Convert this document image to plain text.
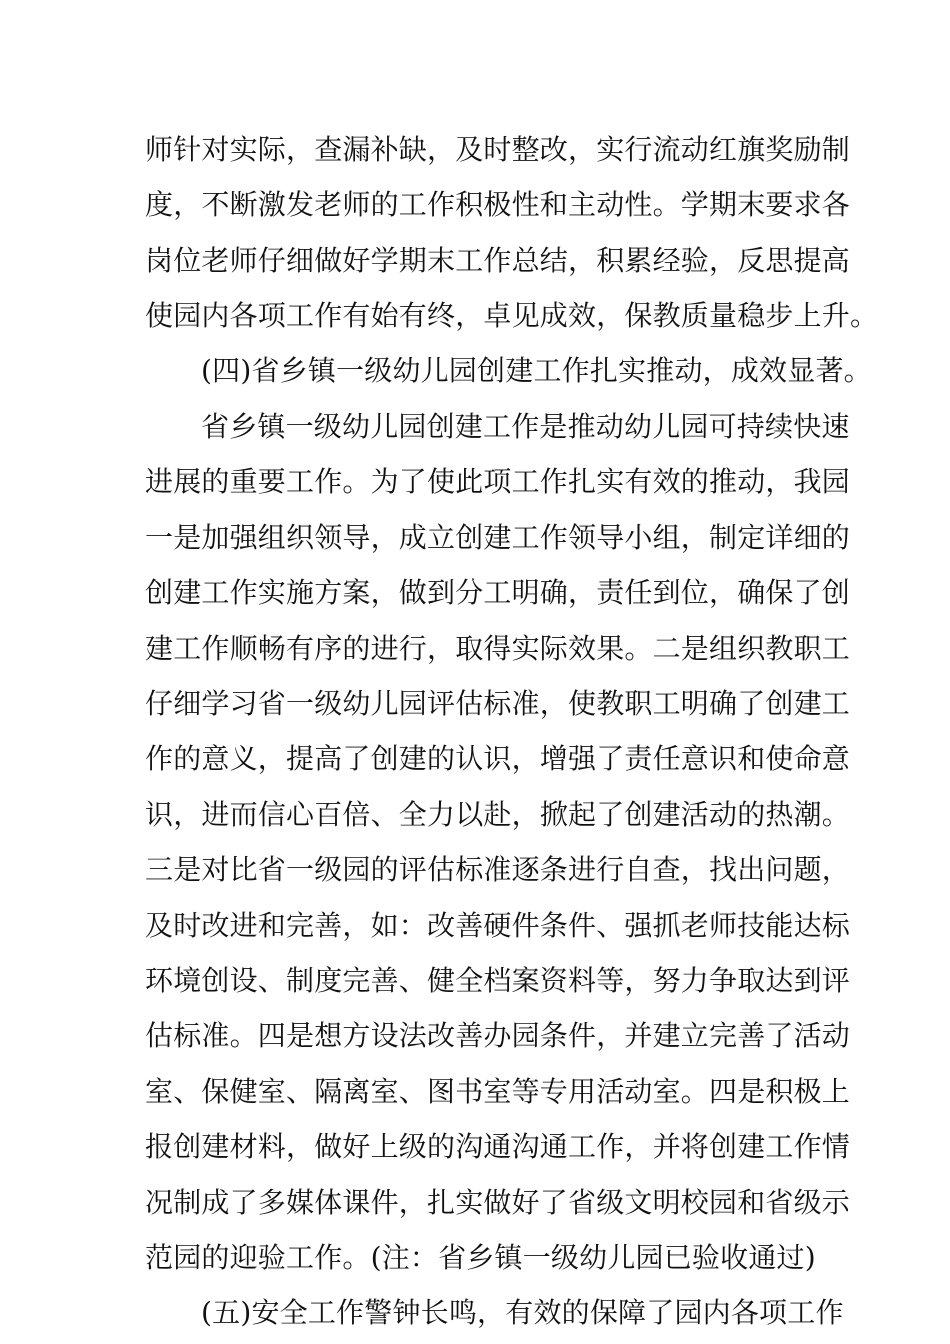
师针对实际，查漏补缺，及时整改，实行流动红旗奖励制
度，不断激发老师的工作积极性和主动性。学期末要求各
岗位老师仔细做好学期末工作总结，积累经验，反思提高
使园内各项工作有始有终，卓见成效，保教质量稳步上升。
(四)省乡镇一级幼儿园创建工作扎实推动，成效显著。
省乡镇一级幼儿园创建工作是推动幼儿园可持续快速
进展的重要工作。为了使此项工作扎实有效的推动，我园
一是加强组织领导，成立创建工作领导小组，制定详细的
创建工作实施方案，做到分工明确，责任到位，确保了创
建工作顺畅有序的进行，取得实际效果。二是组织教职工
仔细学习省一级幼儿园评估标准，使教职工明确了创建工
作的意义，提高了创建的认识，增强了责任意识和使命意
识，进而信心百倍、全力以赴，掀起了创建活动的热潮。
三是对比省一级园的评估标准逐条进行自查，找出问题，
及时改进和完善，如：改善硬件条件、强抓老师技能达标
环境创设、制度完善、健全档案资料等，努力争取达到评
估标准。四是想方设法改善办园条件，并建立完善了活动
室、保健室、隔离室、图书室等专用活动室。四是积极上
报创建材料，做好上级的沟通沟通工作，并将创建工作情
况制成了多媒体课件，扎实做好了省级文明校园和省级示
范园的迎验工作。(注：省乡镇一级幼儿园已验收通过)
(五)安全工作警钟长鸣，有效的保障了园内各项工作
